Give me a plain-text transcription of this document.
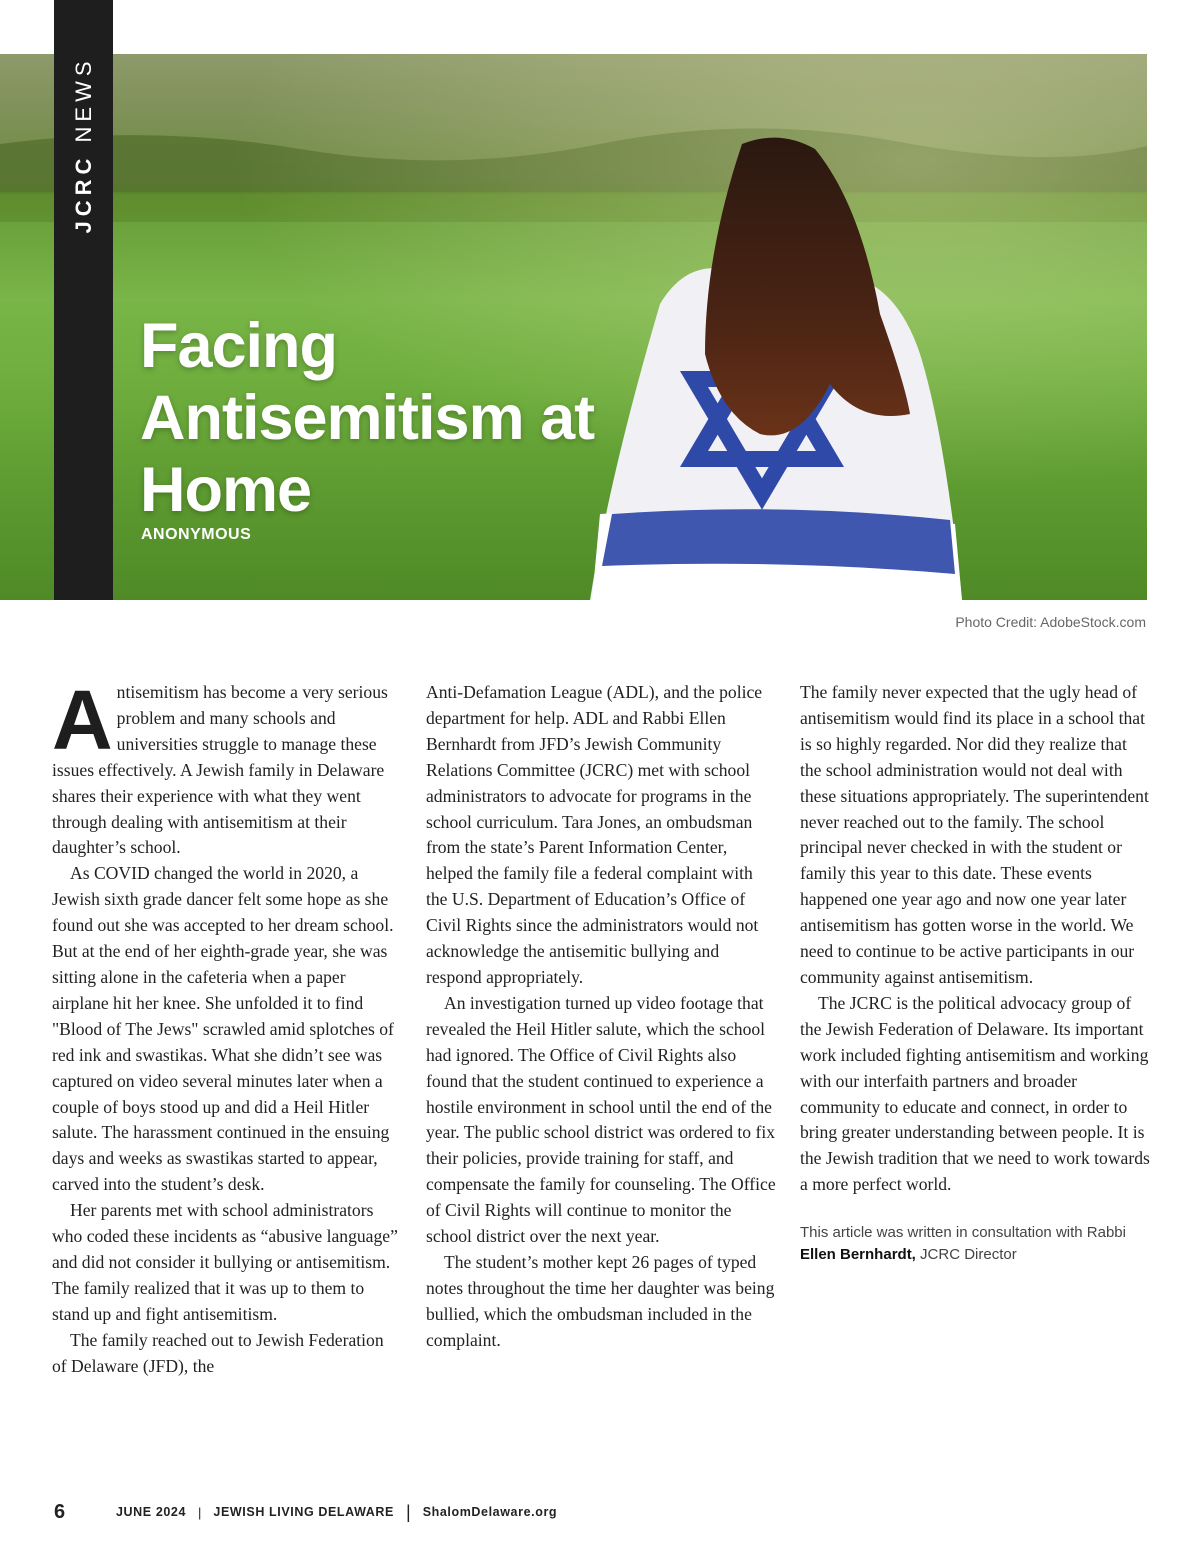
JCRC NEWS
Facing Antisemitism at Home
ANONYMOUS
Photo Credit: AdobeStock.com

Antisemitism has become a very serious problem and many schools and universities struggle to manage these issues effectively. A Jewish family in Delaware shares their experience with what they went through dealing with antisemitism at their daughter’s school.

As COVID changed the world in 2020, a Jewish sixth grade dancer felt some hope as she found out she was accepted to her dream school. But at the end of her eighth-grade year, she was sitting alone in the cafeteria when a paper airplane hit her knee. She unfolded it to find "Blood of The Jews" scrawled amid splotches of red ink and swastikas. What she didn’t see was captured on video several minutes later when a couple of boys stood up and did a Heil Hitler salute. The harassment continued in the ensuing days and weeks as swastikas started to appear, carved into the student’s desk.

Her parents met with school administrators who coded these incidents as “abusive language” and did not consider it bullying or antisemitism. The family realized that it was up to them to stand up and fight antisemitism.

The family reached out to Jewish Federation of Delaware (JFD), the

Anti-Defamation League (ADL), and the police department for help. ADL and Rabbi Ellen Bernhardt from JFD’s Jewish Community Relations Committee (JCRC) met with school administrators to advocate for programs in the school curriculum. Tara Jones, an ombudsman from the state’s Parent Information Center, helped the family file a federal complaint with the U.S. Department of Education’s Office of Civil Rights since the administrators would not acknowledge the antisemitic bullying and respond appropriately.

An investigation turned up video footage that revealed the Heil Hitler salute, which the school had ignored. The Office of Civil Rights also found that the student continued to experience a hostile environment in school until the end of the year. The public school district was ordered to fix their policies, provide training for staff, and compensate the family for counseling. The Office of Civil Rights will continue to monitor the school district over the next year.

The student’s mother kept 26 pages of typed notes throughout the time her daughter was being bullied, which the ombudsman included in the complaint.

The family never expected that the ugly head of antisemitism would find its place in a school that is so highly regarded. Nor did they realize that the school administration would not deal with these situations appropriately. The superintendent never reached out to the family. The school principal never checked in with the student or family this year to this date. These events happened one year ago and now one year later antisemitism has gotten worse in the world. We need to continue to be active participants in our community against antisemitism.

The JCRC is the political advocacy group of the Jewish Federation of Delaware. Its important work included fighting antisemitism and working with our interfaith partners and broader community to educate and connect, in order to bring greater understanding between people. It is the Jewish tradition that we need to work towards a more perfect world.

This article was written in consultation with Rabbi Ellen Bernhardt, JCRC Director

6	JUNE 2024 | JEWISH LIVING DELAWARE | ShalomDelaware.org
